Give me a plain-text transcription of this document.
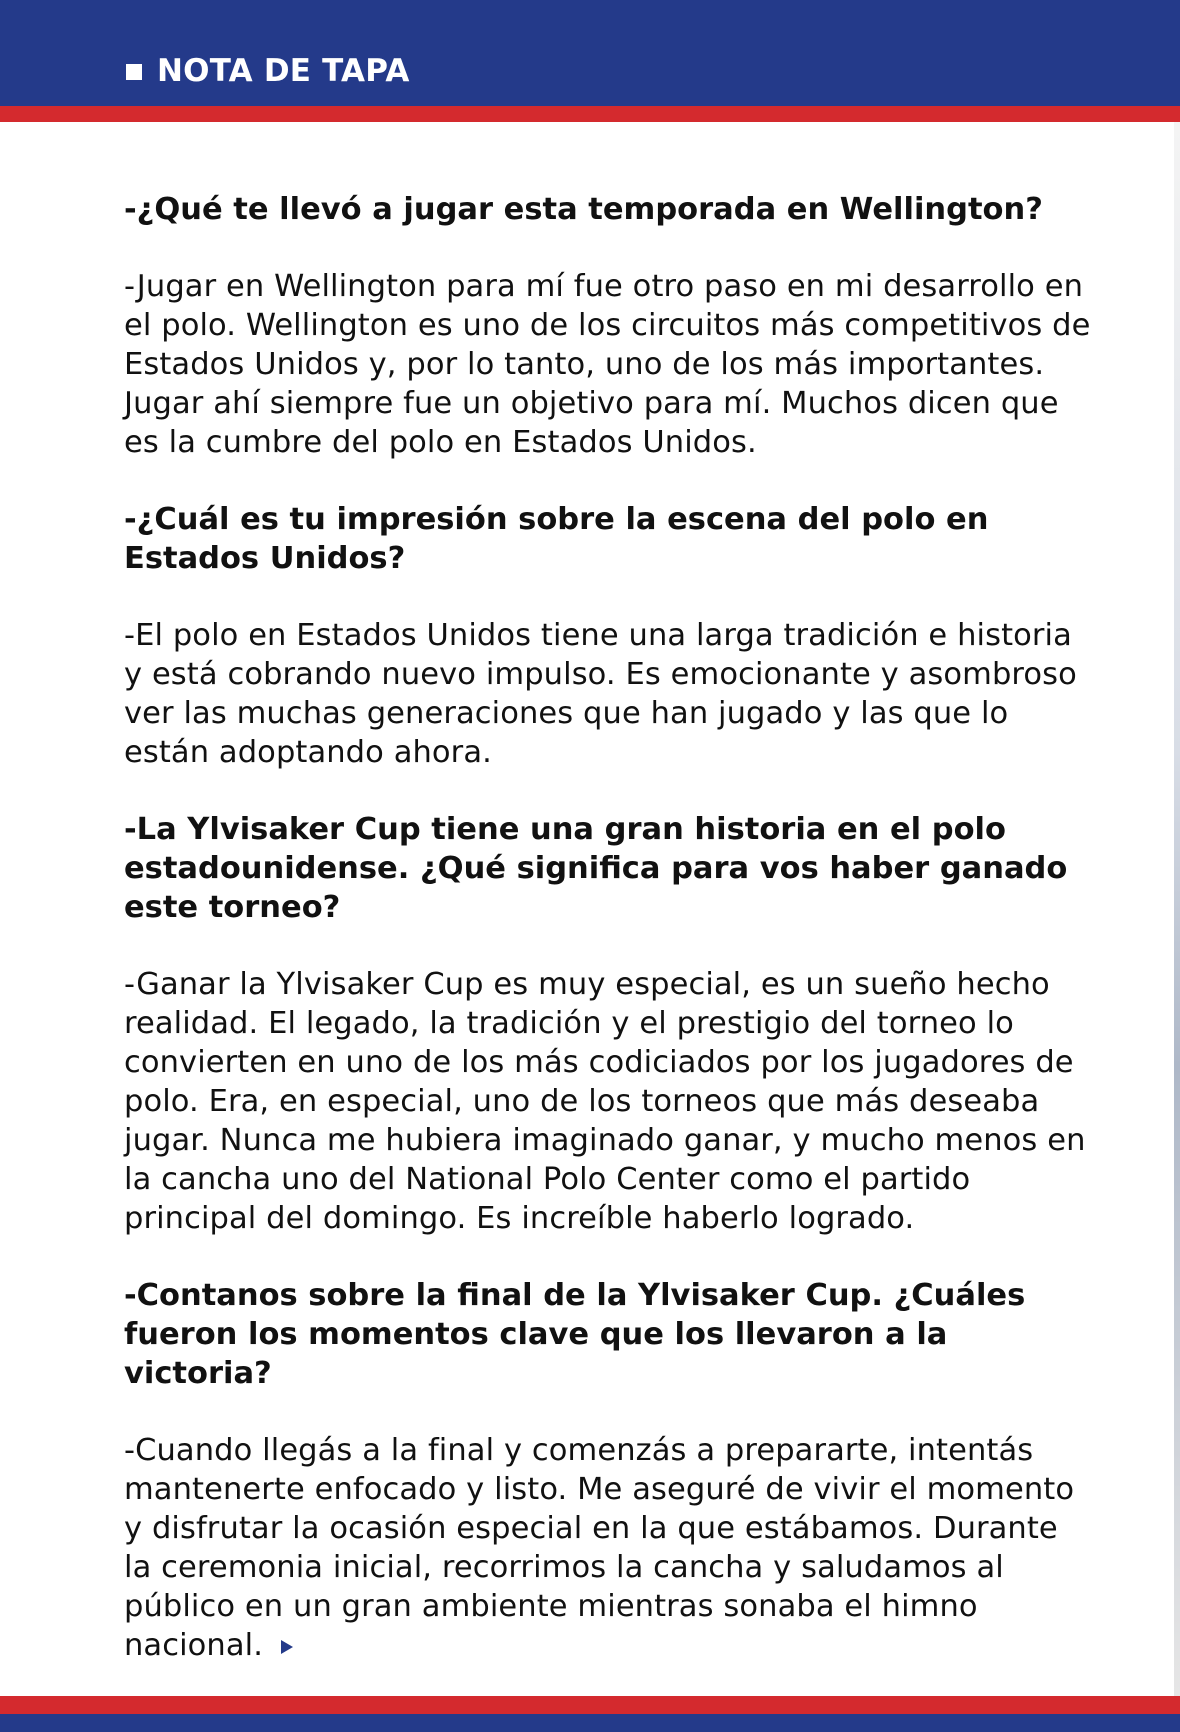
NOTA DE TAPA

-¿Qué te llevó a jugar esta temporada en Wellington?

-Jugar en Wellington para mí fue otro paso en mi desarrollo en el polo. Wellington es uno de los circuitos más competitivos de Estados Unidos y, por lo tanto, uno de los más importantes. Jugar ahí siempre fue un objetivo para mí. Muchos dicen que es la cumbre del polo en Estados Unidos.

-¿Cuál es tu impresión sobre la escena del polo en Estados Unidos?

-El polo en Estados Unidos tiene una larga tradición e historia y está cobrando nuevo impulso. Es emocionante y asombroso ver las muchas generaciones que han jugado y las que lo están adoptando ahora.

-La Ylvisaker Cup tiene una gran historia en el polo estadounidense. ¿Qué significa para vos haber ganado este torneo?

-Ganar la Ylvisaker Cup es muy especial, es un sueño hecho realidad. El legado, la tradición y el prestigio del torneo lo convierten en uno de los más codiciados por los jugadores de polo. Era, en especial, uno de los torneos que más deseaba jugar. Nunca me hubiera imaginado ganar, y mucho menos en la cancha uno del National Polo Center como el partido principal del domingo. Es increíble haberlo logrado.

-Contanos sobre la final de la Ylvisaker Cup. ¿Cuáles fueron los momentos clave que los llevaron a la victoria?

-Cuando llegás a la final y comenzás a prepararte, intentás mantenerte enfocado y listo. Me aseguré de vivir el momento y disfrutar la ocasión especial en la que estábamos. Durante la ceremonia inicial, recorrimos la cancha y saludamos al público en un gran ambiente mientras sonaba el himno nacional.
